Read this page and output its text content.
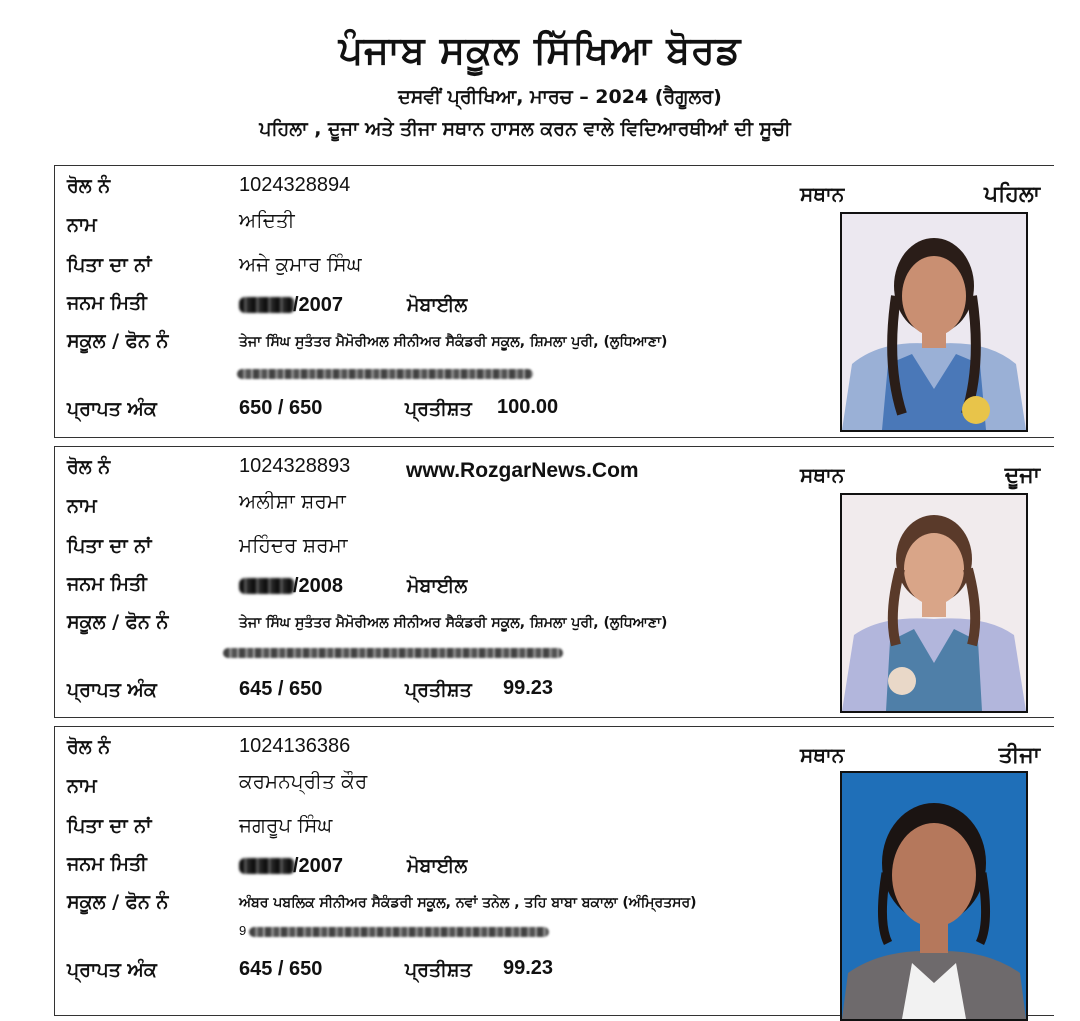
ਪੰਜਾਬ ਸਕੂਲ ਸਿੱਖਿਆ ਬੋਰਡ
ਦਸਵੀਂ ਪ੍ਰੀਖਿਆ, ਮਾਰਚ – 2024 (ਰੈਗੂਲਰ)
ਪਹਿਲਾ , ਦੂਜਾ ਅਤੇ ਤੀਜਾ ਸਥਾਨ ਹਾਸਲ ਕਰਨ ਵਾਲੇ ਵਿਦਿਆਰਥੀਆਂ ਦੀ ਸੂਚੀ
ਰੋਲ ਨੰ	1024328894
ਨਾਮ	ਅਦਿਤੀ
ਪਿਤਾ ਦਾ ਨਾਂ	ਅਜੇ ਕੁਮਾਰ ਸਿੰਘ
ਜਨਮ ਮਿਤੀ	/2007	ਮੋਬਾਈਲ
ਸਕੂਲ / ਫੋਨ ਨੰ	ਤੇਜਾ ਸਿੰਘ ਸੁਤੰਤਰ ਮੈਮੋਰੀਅਲ ਸੀਨੀਅਰ ਸੈਕੰਡਰੀ ਸਕੂਲ, ਸ਼ਿਮਲਾ ਪੁਰੀ, (ਲੁਧਿਆਣਾ)
ਪ੍ਰਾਪਤ ਅੰਕ	650 / 650	ਪ੍ਰਤੀਸ਼ਤ 100.00
ਸਥਾਨ	ਪਹਿਲਾ
www.RozgarNews.Com
ਰੋਲ ਨੰ	1024328893
ਨਾਮ	ਅਲੀਸ਼ਾ ਸ਼ਰਮਾ
ਪਿਤਾ ਦਾ ਨਾਂ	ਮਹਿੰਦਰ ਸ਼ਰਮਾ
ਜਨਮ ਮਿਤੀ	/2008	ਮੋਬਾਈਲ
ਸਕੂਲ / ਫੋਨ ਨੰ	ਤੇਜਾ ਸਿੰਘ ਸੁਤੰਤਰ ਮੈਮੋਰੀਅਲ ਸੀਨੀਅਰ ਸੈਕੰਡਰੀ ਸਕੂਲ, ਸ਼ਿਮਲਾ ਪੁਰੀ, (ਲੁਧਿਆਣਾ)
ਪ੍ਰਾਪਤ ਅੰਕ	645 / 650	ਪ੍ਰਤੀਸ਼ਤ 99.23
ਸਥਾਨ	ਦੂਜਾ
ਰੋਲ ਨੰ	1024136386
ਨਾਮ	ਕਰਮਨਪ੍ਰੀਤ ਕੌਰ
ਪਿਤਾ ਦਾ ਨਾਂ	ਜਗਰੂਪ ਸਿੰਘ
ਜਨਮ ਮਿਤੀ	/2007	ਮੋਬਾਈਲ
ਸਕੂਲ / ਫੋਨ ਨੰ	ਅੰਬਰ ਪਬਲਿਕ ਸੀਨੀਅਰ ਸੈਕੰਡਰੀ ਸਕੂਲ, ਨਵਾਂ ਤਨੇਲ , ਤਹਿ ਬਾਬਾ ਬਕਾਲਾ (ਅੰਮ੍ਰਿਤਸਰ)
9
ਪ੍ਰਾਪਤ ਅੰਕ	645 / 650	ਪ੍ਰਤੀਸ਼ਤ 99.23
ਸਥਾਨ	ਤੀਜਾ
